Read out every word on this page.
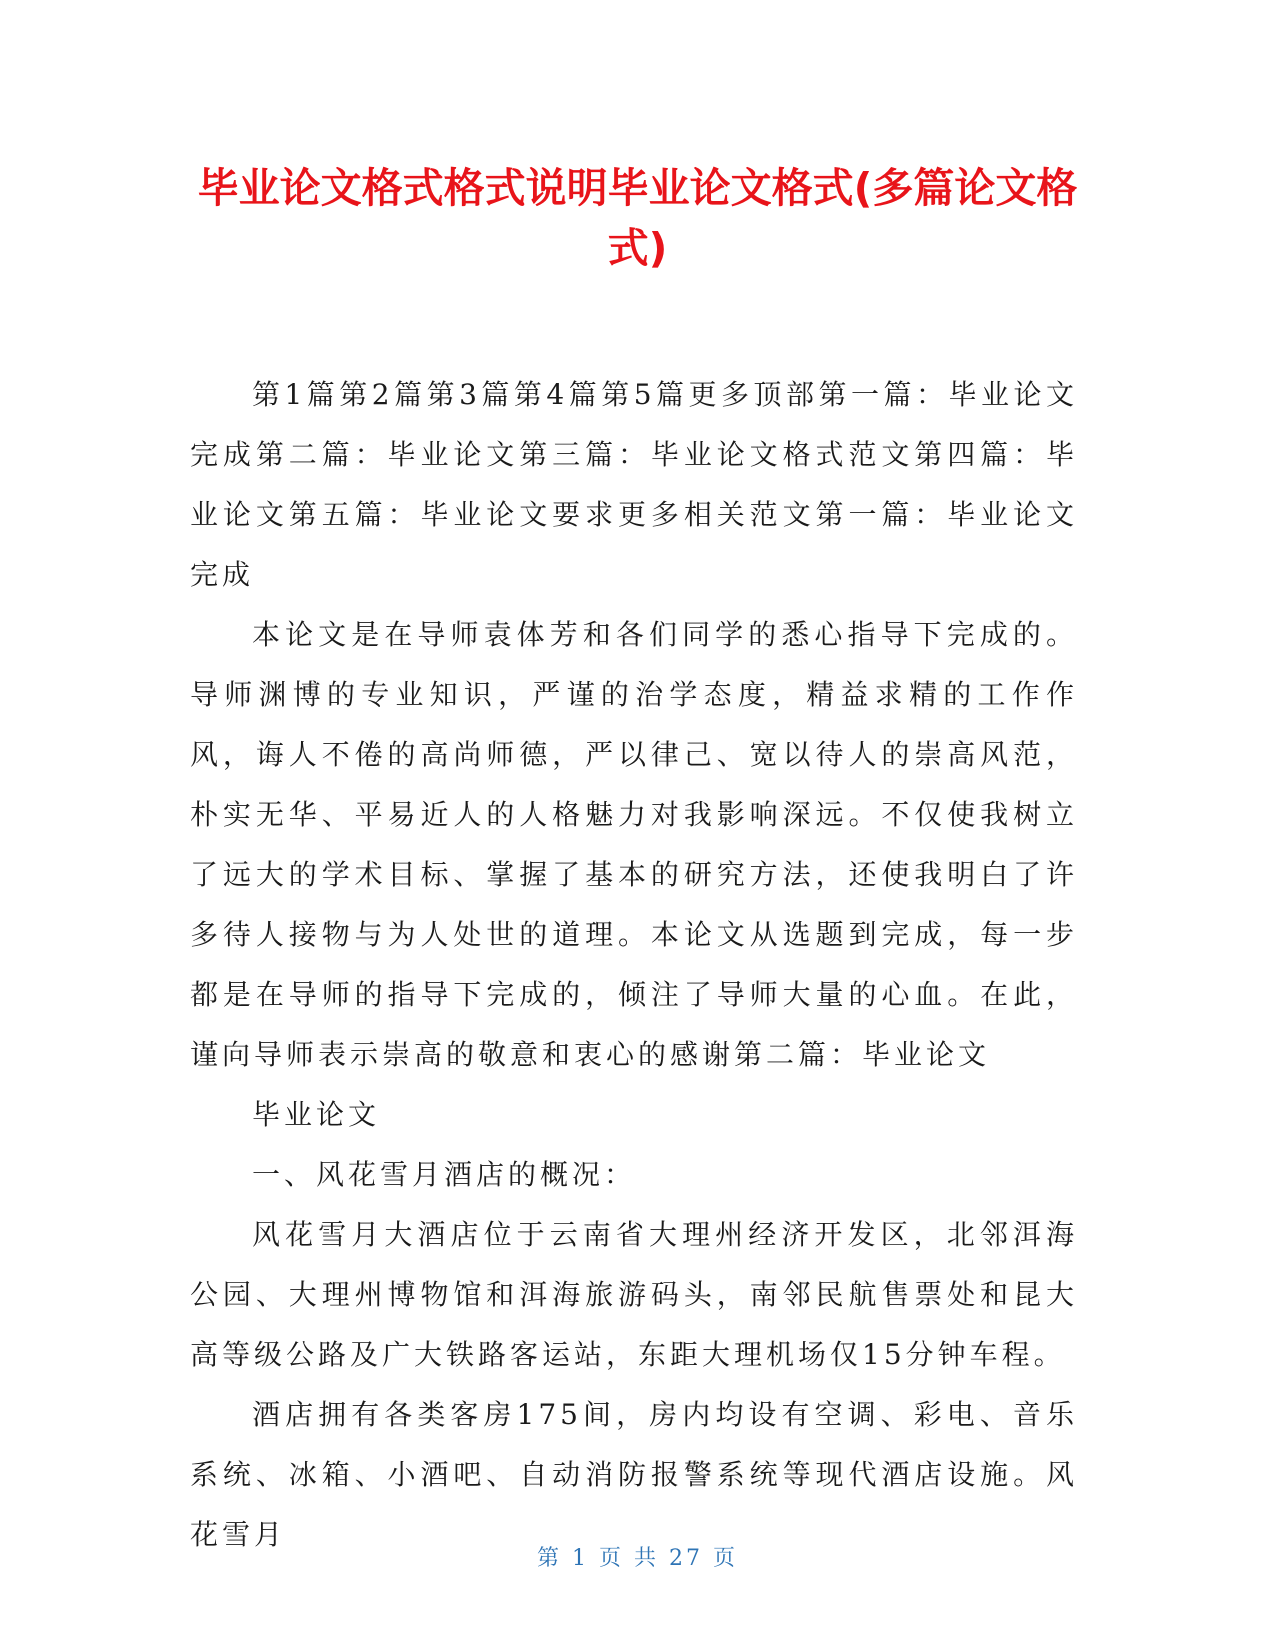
毕业论文格式格式说明毕业论文格式(多篇论文格式)

第1篇第2篇第3篇第4篇第5篇更多顶部第一篇：毕业论文完成第二篇：毕业论文第三篇：毕业论文格式范文第四篇：毕业论文第五篇：毕业论文要求更多相关范文第一篇：毕业论文完成

本论文是在导师袁体芳和各们同学的悉心指导下完成的。导师渊博的专业知识，严谨的治学态度，精益求精的工作作风，诲人不倦的高尚师德，严以律己、宽以待人的崇高风范，朴实无华、平易近人的人格魅力对我影响深远。不仅使我树立了远大的学术目标、掌握了基本的研究方法，还使我明白了许多待人接物与为人处世的道理。本论文从选题到完成，每一步都是在导师的指导下完成的，倾注了导师大量的心血。在此，谨向导师表示崇高的敬意和衷心的感谢第二篇：毕业论文

毕业论文

一、风花雪月酒店的概况：

风花雪月大酒店位于云南省大理州经济开发区，北邻洱海公园、大理州博物馆和洱海旅游码头，南邻民航售票处和昆大高等级公路及广大铁路客运站，东距大理机场仅15分钟车程。

酒店拥有各类客房175间，房内均设有空调、彩电、音乐系统、冰箱、小酒吧、自动消防报警系统等现代酒店设施。风花雪月

第 1 页 共 27 页
